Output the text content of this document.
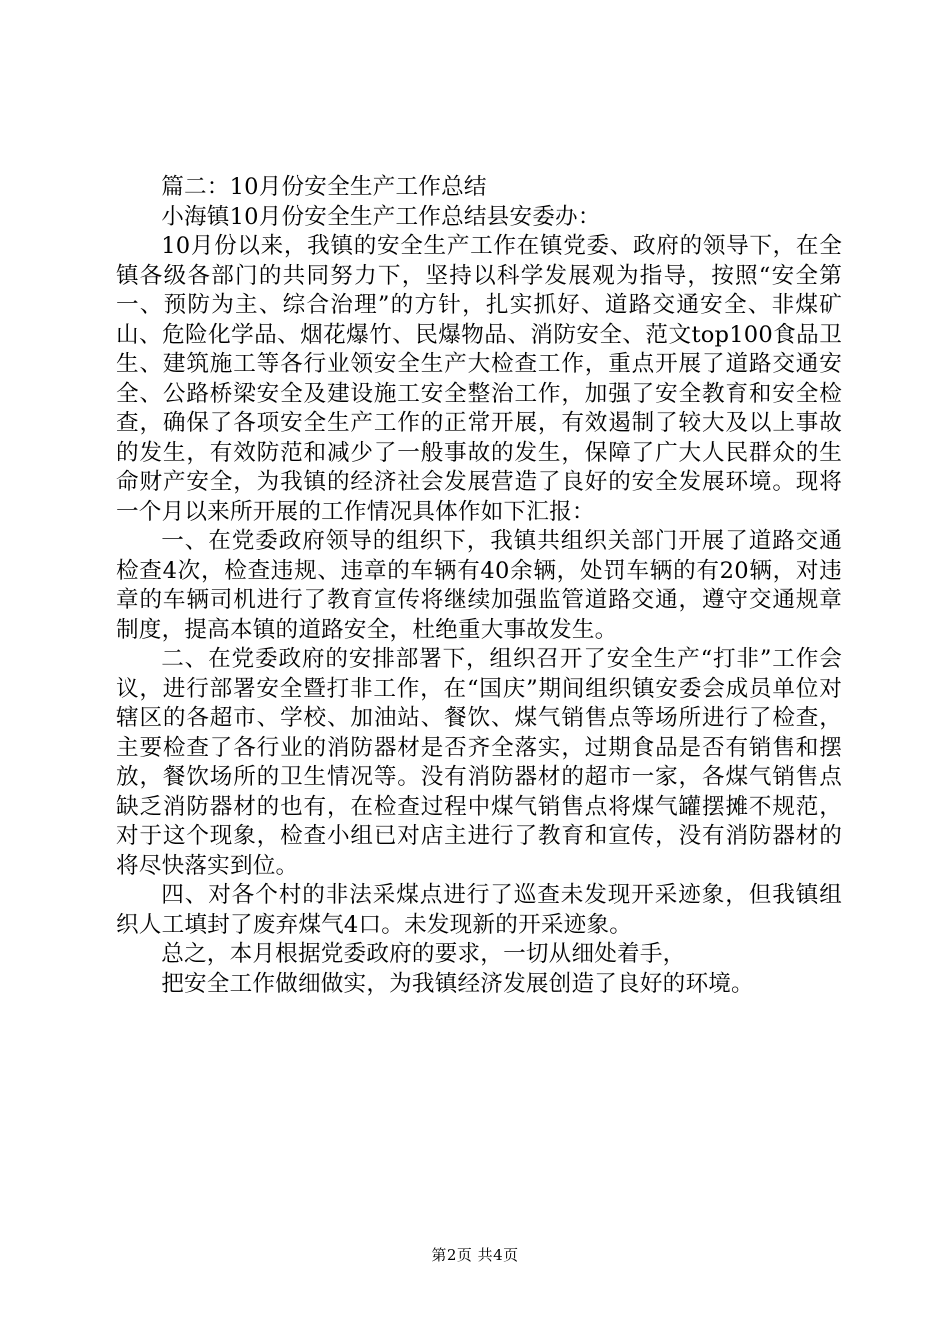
篇二：10月份安全生产工作总结

小海镇10月份安全生产工作总结县安委办：

10月份以来，我镇的安全生产工作在镇党委、政府的领导下，在全镇各级各部门的共同努力下，坚持以科学发展观为指导，按照“安全第一、预防为主、综合治理”的方针，扎实抓好、道路交通安全、非煤矿山、危险化学品、烟花爆竹、民爆物品、消防安全、范文top100食品卫生、建筑施工等各行业领安全生产大检查工作，重点开展了道路交通安全、公路桥梁安全及建设施工安全整治工作，加强了安全教育和安全检查，确保了各项安全生产工作的正常开展，有效遏制了较大及以上事故的发生，有效防范和减少了一般事故的发生，保障了广大人民群众的生命财产安全，为我镇的经济社会发展营造了良好的安全发展环境。现将一个月以来所开展的工作情况具体作如下汇报：

一、在党委政府领导的组织下，我镇共组织关部门开展了道路交通检查4次，检查违规、违章的车辆有40余辆，处罚车辆的有20辆，对违章的车辆司机进行了教育宣传将继续加强监管道路交通，遵守交通规章制度，提高本镇的道路安全，杜绝重大事故发生。

二、在党委政府的安排部署下，组织召开了安全生产“打非”工作会议，进行部署安全暨打非工作，在“国庆”期间组织镇安委会成员单位对辖区的各超市、学校、加油站、餐饮、煤气销售点等场所进行了检查，主要检查了各行业的消防器材是否齐全落实，过期食品是否有销售和摆放，餐饮场所的卫生情况等。没有消防器材的超市一家，各煤气销售点缺乏消防器材的也有，在检查过程中煤气销售点将煤气罐摆摊不规范，对于这个现象，检查小组已对店主进行了教育和宣传，没有消防器材的将尽快落实到位。

四、对各个村的非法采煤点进行了巡查未发现开采迹象，但我镇组织人工填封了废弃煤气4口。未发现新的开采迹象。

总之，本月根据党委政府的要求，一切从细处着手，

把安全工作做细做实，为我镇经济发展创造了良好的环境。

第2页 共4页
